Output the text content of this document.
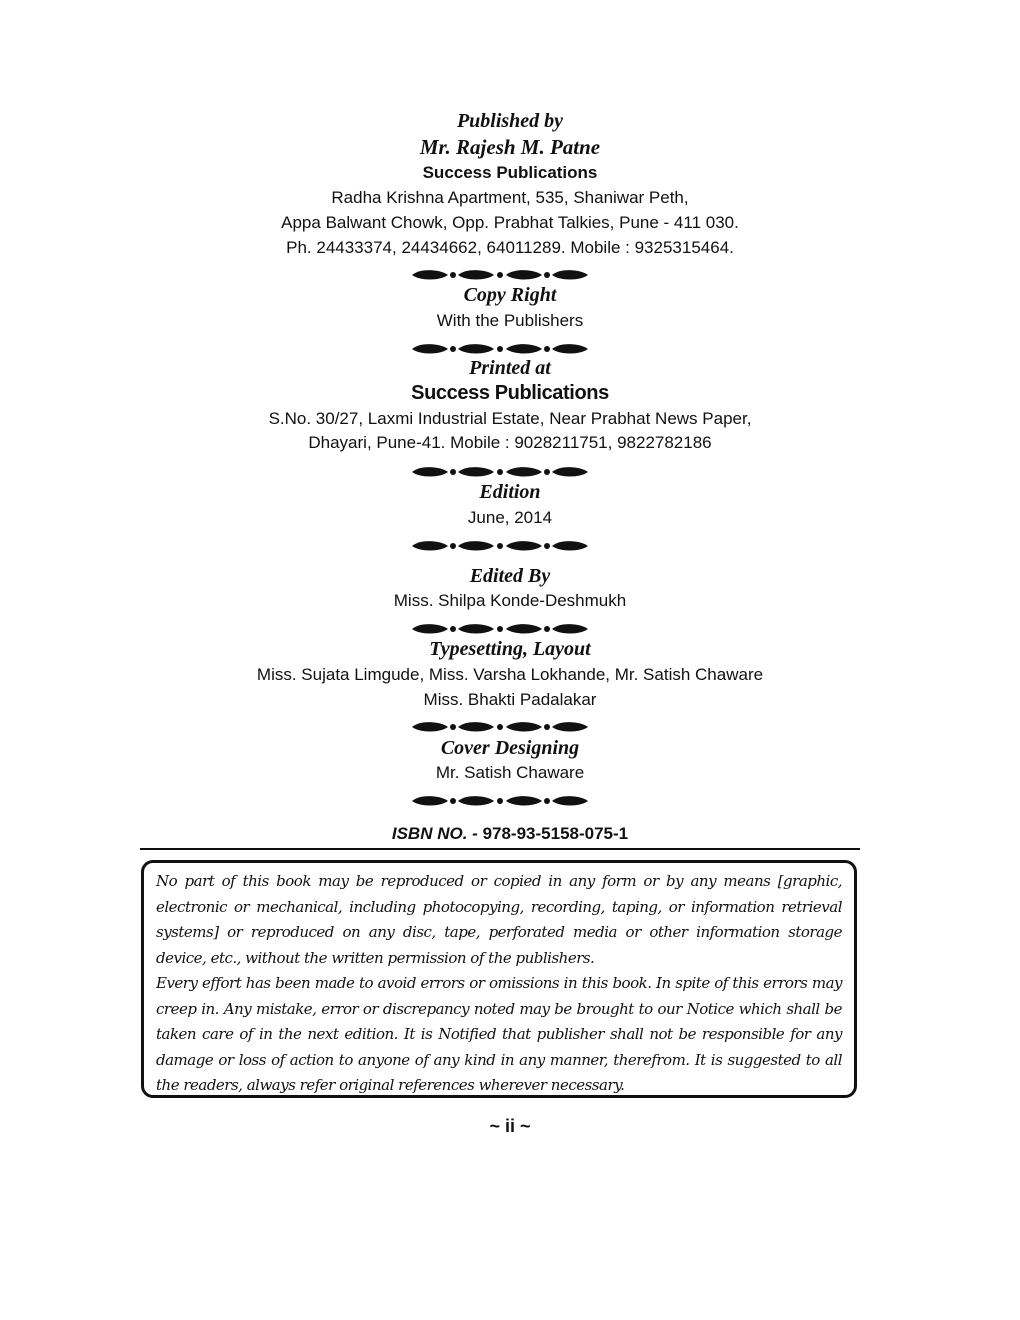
Published by
Mr. Rajesh M. Patne
Success Publications
Radha Krishna Apartment, 535, Shaniwar Peth,
Appa Balwant Chowk, Opp. Prabhat Talkies, Pune - 411 030.
Ph. 24433374, 24434662, 64011289. Mobile : 9325315464.
Copy Right
With the Publishers
Printed at
Success Publications
S.No. 30/27, Laxmi Industrial Estate, Near Prabhat News Paper,
Dhayari, Pune-41. Mobile : 9028211751, 9822782186
Edition
June, 2014
Edited By
Miss. Shilpa Konde-Deshmukh
Typesetting, Layout
Miss. Sujata Limgude, Miss. Varsha Lokhande, Mr. Satish Chaware
Miss. Bhakti Padalakar
Cover Designing
Mr. Satish Chaware
ISBN NO. - 978-93-5158-075-1

No part of this book may be reproduced or copied in any form or by any means [graphic, electronic or mechanical, including photocopying, recording, taping, or information retrieval systems] or reproduced on any disc, tape, perforated media or other information storage device, etc., without the written permission of the publishers.

Every effort has been made to avoid errors or omissions in this book. In spite of this errors may creep in. Any mistake, error or discrepancy noted may be brought to our Notice which shall be taken care of in the next edition. It is Notified that publisher shall not be responsible for any damage or loss of action to anyone of any kind in any manner, therefrom. It is suggested to all the readers, always refer original references wherever necessary.

~ ii ~
